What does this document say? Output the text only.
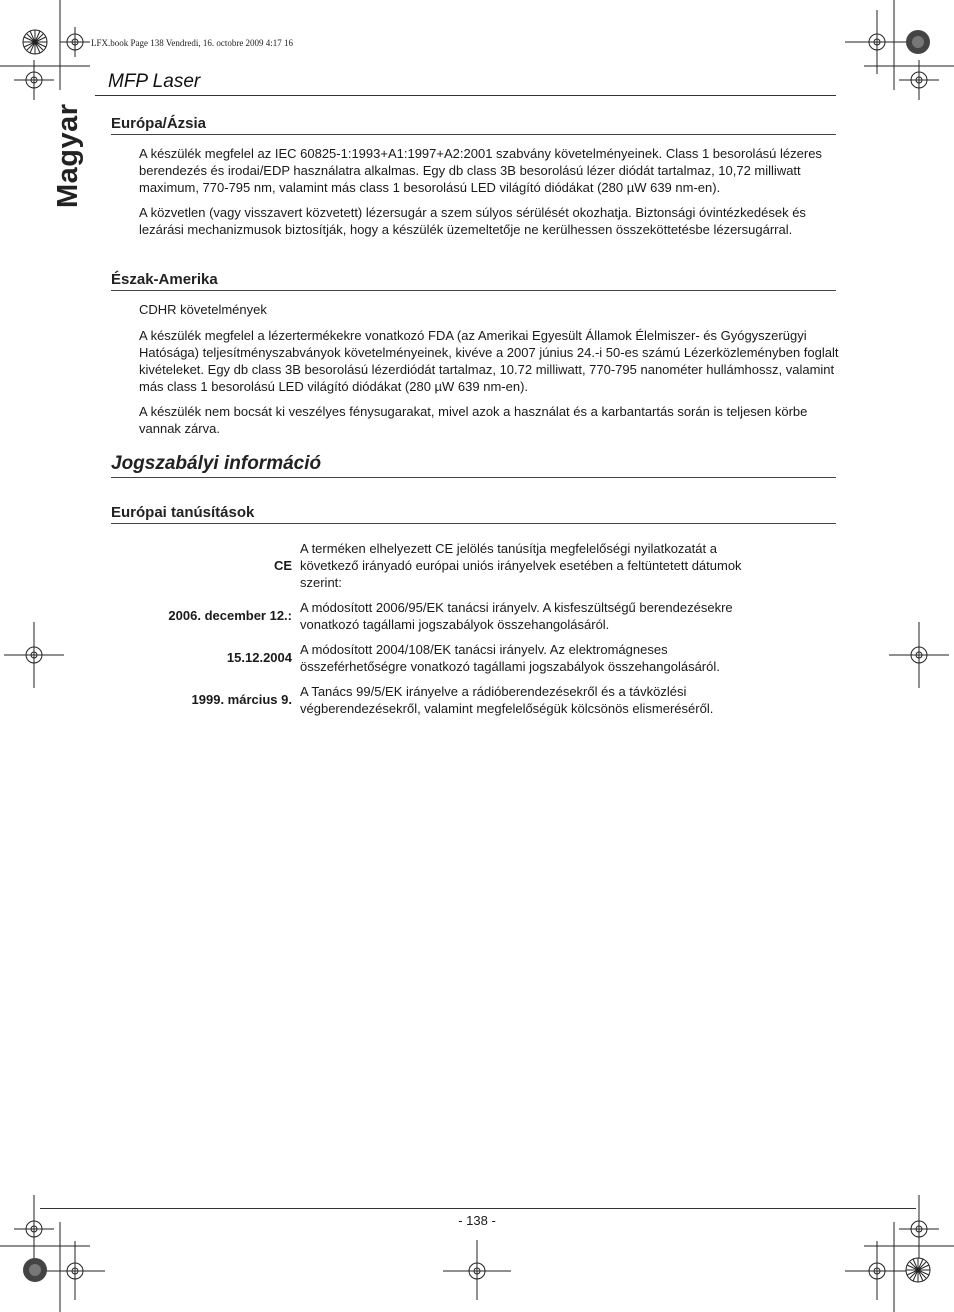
LFX.book Page 138 Vendredi, 16. octobre 2009 4:17 16
MFP Laser
Magyar Európa/Ázsia
A készülék megfelel az IEC 60825-1:1993+A1:1997+A2:2001 szabvány követelményeinek. Class 1 besorolású lézeres berendezés és irodai/EDP használatra alkalmas. Egy db class 3B besorolású lézer diódát tartalmaz, 10,72 milliwatt maximum, 770-795 nm, valamint más class 1 besorolású LED világító diódákat (280 µW 639 nm-en).
A közvetlen (vagy visszavert közvetett) lézersugár a szem súlyos sérülését okozhatja. Biztonsági óvintézkedések és lezárási mechanizmusok biztosítják, hogy a készülék üzemeltetője ne kerülhessen összeköttetésbe lézersugárral.
Észak-Amerika
CDHR követelmények
A készülék megfelel a lézertermékekre vonatkozó FDA (az Amerikai Egyesült Államok Élelmiszer- és Gyógyszerügyi Hatósága) teljesítményszabványok követelményeinek, kivéve a 2007 június 24.-i 50-es számú Lézerközleményben foglalt kivételeket. Egy db class 3B besorolású lézerdiódát tartalmaz, 10.72 milliwatt, 770-795 nanométer hullámhossz, valamint más class 1 besorolású LED világító diódákat (280 µW 639 nm-en).
A készülék nem bocsát ki veszélyes fénysugarakat, mivel azok a használat és a karbantartás során is teljesen körbe vannak zárva.
Jogszabályi információ
Európai tanúsítások
CE
A terméken elhelyezett CE jelölés tanúsítja megfelelőségi nyilatkozatát a következő irányadó európai uniós irányelvek esetében a feltüntetett dátumok szerint:
2006. december 12.:
A módosított 2006/95/EK tanácsi irányelv. A kisfeszültségű berendezésekre vonatkozó tagállami jogszabályok összehangolásáról.
15.12.2004
A módosított 2004/108/EK tanácsi irányelv. Az elektromágneses összeférhetőségre vonatkozó tagállami jogszabályok összehangolásáról.
1999. március 9.
A Tanács 99/5/EK irányelve a rádióberendezésekről és a távközlési végberendezésekről, valamint megfelelőségük kölcsönös elismeréséről.
- 138 -
